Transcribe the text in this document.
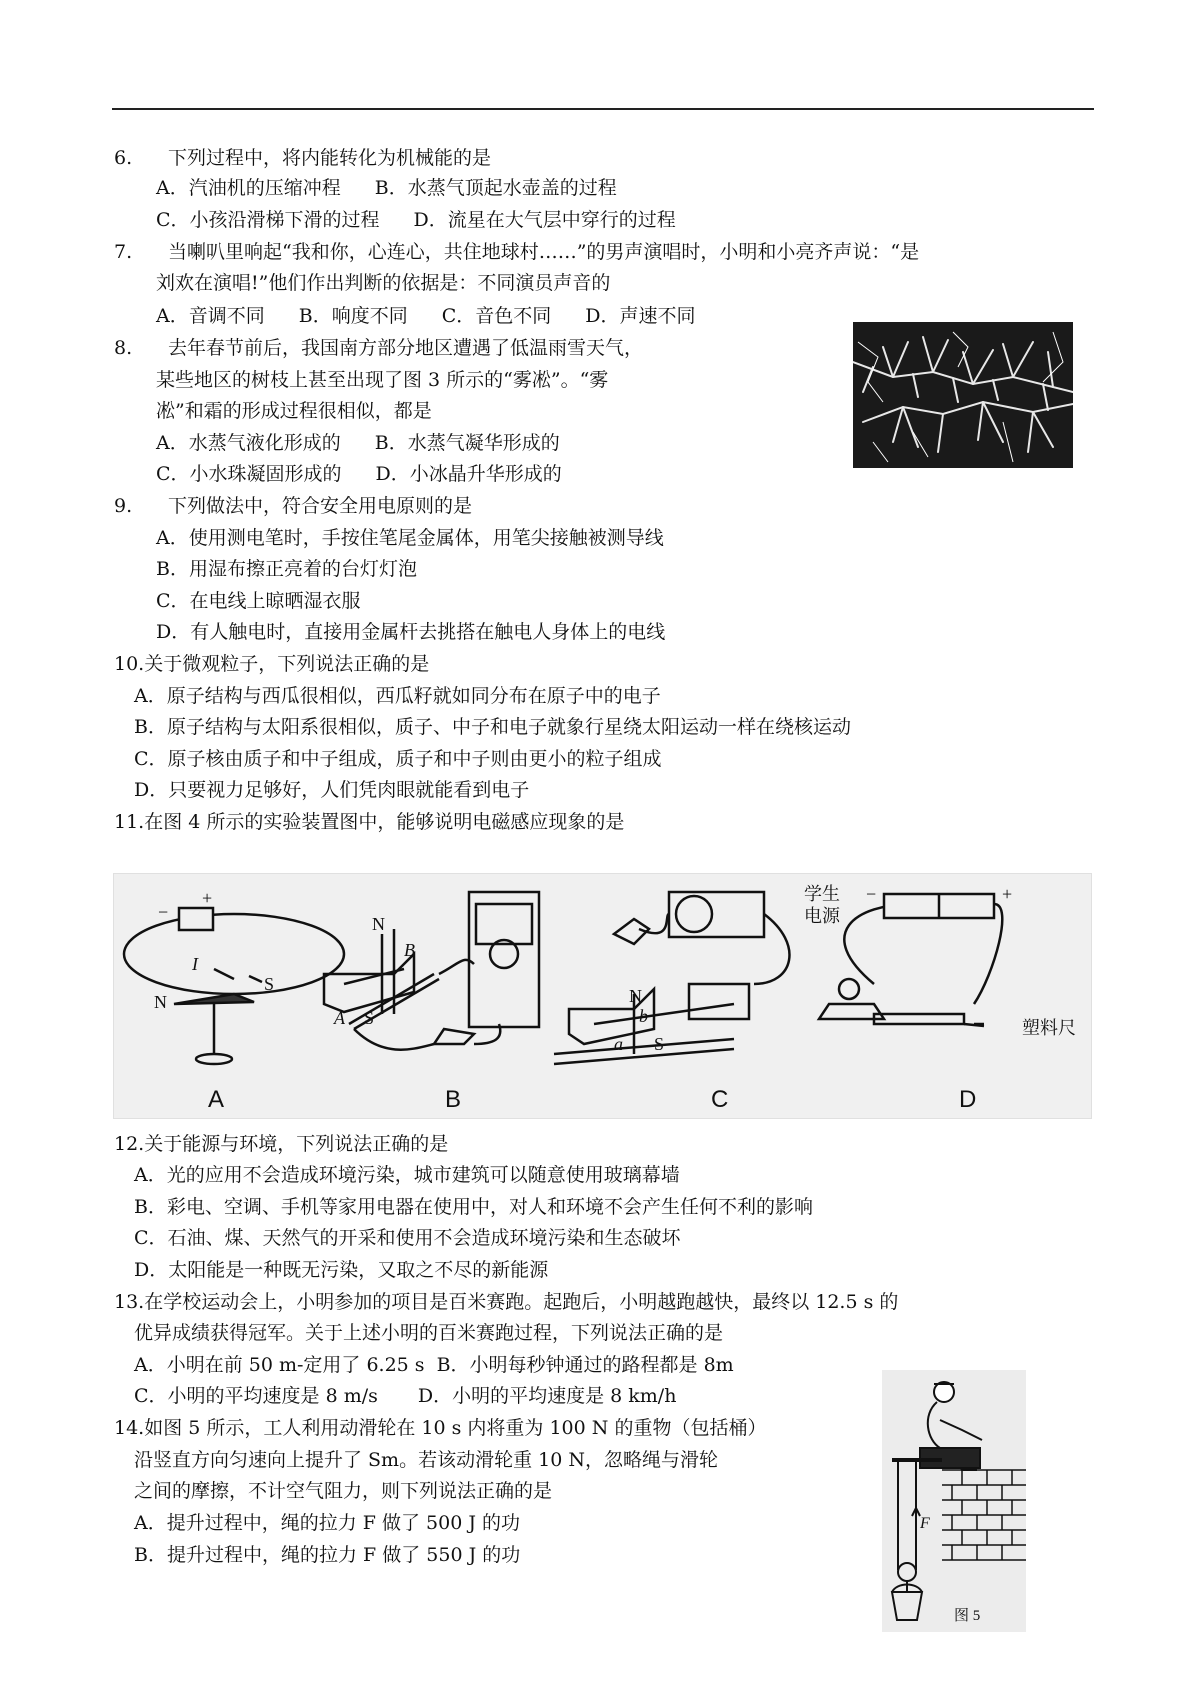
6. 下列过程中，将内能转化为机械能的是
A．汽油机的压缩冲程 B．水蒸气顶起水壶盖的过程
C．小孩沿滑梯下滑的过程 D．流星在大气层中穿行的过程
7. 当喇叭里响起“我和你，心连心，共住地球村……”的男声演唱时，小明和小亮齐声说：“是
刘欢在演唱!”他们作出判断的依据是：不同演员声音的
A．音调不同 B．响度不同 C．音色不同 D．声速不同
8. 去年春节前后，我国南方部分地区遭遇了低温雨雪天气，
某些地区的树枝上甚至出现了图 3 所示的“雾凇”。“雾
凇”和霜的形成过程很相似，都是
A．水蒸气液化形成的 B．水蒸气凝华形成的
C．小水珠凝固形成的 D．小冰晶升华形成的
9. 下列做法中，符合安全用电原则的是
A．使用测电笔时，手按住笔尾金属体，用笔尖接触被测导线
B．用湿布擦正亮着的台灯灯泡
C．在电线上晾晒湿衣服
D．有人触电时，直接用金属杆去挑搭在触电人身体上的电线
10.关于微观粒子，下列说法正确的是
A．原子结构与西瓜很相似，西瓜籽就如同分布在原子中的电子
B．原子结构与太阳系很相似，质子、中子和电子就象行星绕太阳运动一样在绕核运动
C．原子核由质子和中子组成，质子和中子则由更小的粒子组成
D．只要视力足够好，人们凭肉眼就能看到电子
11.在图 4 所示的实验装置图中，能够说明电磁感应现象的是
+
−
I
N
S
N
B
A S
N
b
a S
学生
电源
−	+
塑料尺
A	B	C	D
12.关于能源与环境，下列说法正确的是
A．光的应用不会造成环境污染，城市建筑可以随意使用玻璃幕墙
B．彩电、空调、手机等家用电器在使用中，对人和环境不会产生任何不利的影响
C．石油、煤、天然气的开采和使用不会造成环境污染和生态破坏
D．太阳能是一种既无污染，又取之不尽的新能源
13.在学校运动会上，小明参加的项目是百米赛跑。起跑后，小明越跑越快，最终以 12.5 s 的
优异成绩获得冠军。关于上述小明的百米赛跑过程，下列说法正确的是
A．小明在前 50 m-定用了 6.25 s B．小明每秒钟通过的路程都是 8m
C．小明的平均速度是 8 m/s D．小明的平均速度是 8 km/h
14.如图 5 所示，工人利用动滑轮在 10 s 内将重为 100 N 的重物（包括桶）
沿竖直方向匀速向上提升了 Sm。若该动滑轮重 10 N，忽略绳与滑轮
之间的摩擦，不计空气阻力，则下列说法正确的是
A．提升过程中，绳的拉力 F 做了 500 J 的功
B．提升过程中，绳的拉力 F 做了 550 J 的功
F
图 5
